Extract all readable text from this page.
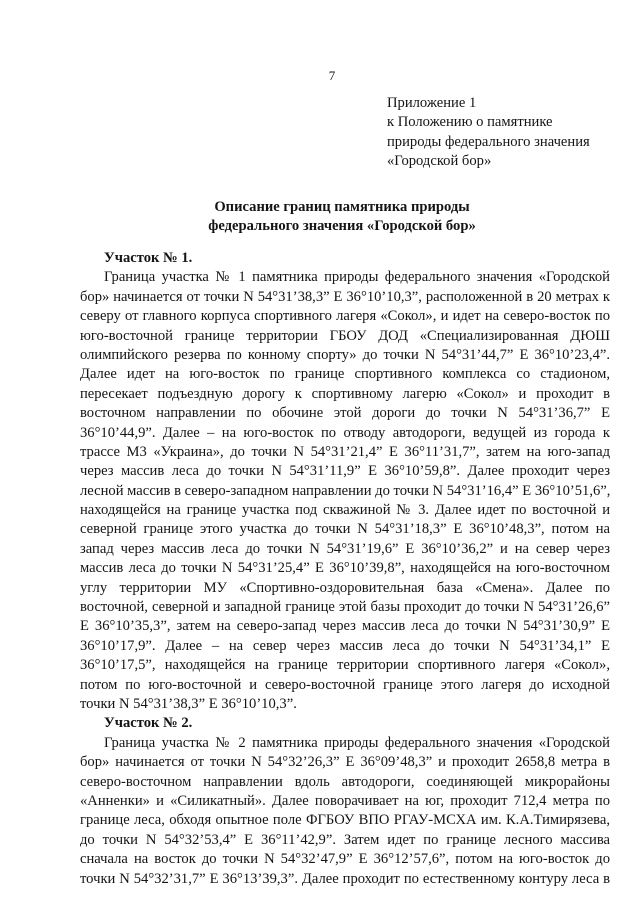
7
Приложение 1
к Положению о памятнике
природы федерального значения
«Городской бор»
Описание границ памятника природы
федерального значения «Городской бор»
Участок № 1.
Граница участка № 1 памятника природы федерального значения «Городской
бор» начинается от точки N 54°31’38,3” E 36°10’10,3”, расположенной в 20 метрах к
северу от главного корпуса спортивного лагеря «Сокол», и идет на северо-восток по
юго-восточной границе территории ГБОУ ДОД «Специализированная ДЮШ
олимпийского резерва по конному спорту» до точки N 54°31’44,7” E 36°10’23,4”.
Далее идет на юго-восток по границе спортивного комплекса со стадионом,
пересекает подъездную дорогу к спортивному лагерю «Сокол» и проходит в
восточном направлении по обочине этой дороги до точки N 54°31’36,7” E
36°10’44,9”. Далее – на юго-восток по отводу автодороги, ведущей из города к
трассе М3 «Украина», до точки N 54°31’21,4” E 36°11’31,7”, затем на юго-запад
через массив леса до точки N 54°31’11,9” E 36°10’59,8”. Далее проходит через
лесной массив в северо-западном направлении до точки N 54°31’16,4” E 36°10’51,6”,
находящейся на границе участка под скважиной № 3. Далее идет по восточной и
северной границе этого участка до точки N 54°31’18,3” E 36°10’48,3”, потом на
запад через массив леса до точки N 54°31’19,6” E 36°10’36,2” и на север через
массив леса до точки N 54°31’25,4” E 36°10’39,8”, находящейся на юго-восточном
углу территории МУ «Спортивно-оздоровительная база «Смена». Далее по
восточной, северной и западной границе этой базы проходит до точки N 54°31’26,6”
E 36°10’35,3”, затем на северо-запад через массив леса до точки N 54°31’30,9” E
36°10’17,9”. Далее – на север через массив леса до точки N 54°31’34,1” E
36°10’17,5”, находящейся на границе территории спортивного лагеря «Сокол»,
потом по юго-восточной и северо-восточной границе этого лагеря до исходной
точки N 54°31’38,3” E 36°10’10,3”.
Участок № 2.
Граница участка № 2 памятника природы федерального значения «Городской
бор» начинается от точки N 54°32’26,3” E 36°09’48,3” и проходит 2658,8 метра в
северо-восточном направлении вдоль автодороги, соединяющей микрорайоны
«Анненки» и «Силикатный». Далее поворачивает на юг, проходит 712,4 метра по
границе леса, обходя опытное поле ФГБОУ ВПО РГАУ-МСХА им. К.А.Тимирязева,
до точки N 54°32’53,4” E 36°11’42,9”. Затем идет по границе лесного массива
сначала на восток до точки N 54°32’47,9” E 36°12’57,6”, потом на юго-восток до
точки N 54°32’31,7” E 36°13’39,3”. Далее проходит по естественному контуру леса в
